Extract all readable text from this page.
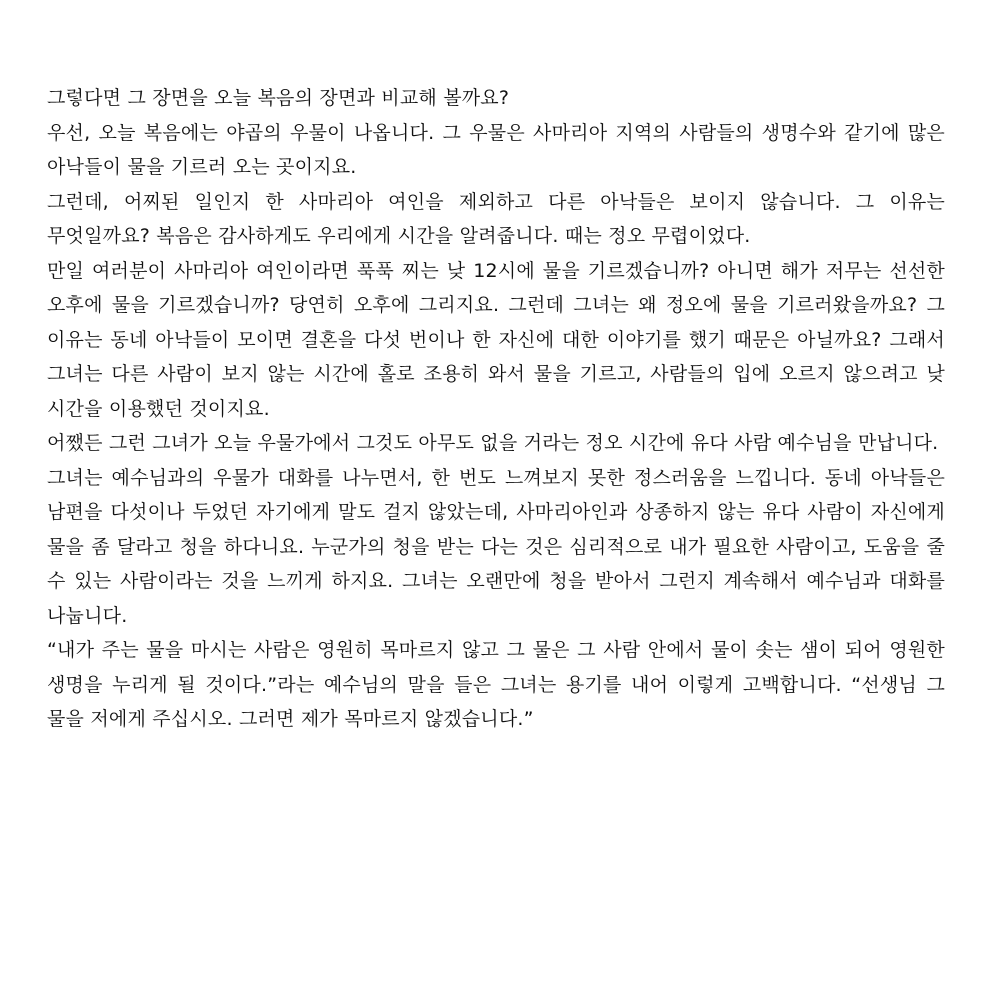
그렇다면 그 장면을 오늘 복음의 장면과 비교해 볼까요?

우선, 오늘 복음에는 야곱의 우물이 나옵니다. 그 우물은 사마리아 지역의 사람들의 생명수와 같기에 많은 아낙들이 물을 기르러 오는 곳이지요.

그런데, 어찌된 일인지 한 사마리아 여인을 제외하고 다른 아낙들은 보이지 않습니다. 그 이유는 무엇일까요? 복음은 감사하게도 우리에게 시간을 알려줍니다. 때는 정오 무렵이었다.

만일 여러분이 사마리아 여인이라면 푹푹 찌는 낮 12시에 물을 기르겠습니까? 아니면 해가 저무는 선선한 오후에 물을 기르겠습니까? 당연히 오후에 그리지요. 그런데 그녀는 왜 정오에 물을 기르러왔을까요? 그 이유는 동네 아낙들이 모이면 결혼을 다섯 번이나 한 자신에 대한 이야기를 했기 때문은 아닐까요? 그래서 그녀는 다른 사람이 보지 않는 시간에 홀로 조용히 와서 물을 기르고, 사람들의 입에 오르지 않으려고 낮 시간을 이용했던 것이지요.

어쨌든 그런 그녀가 오늘 우물가에서 그것도 아무도 없을 거라는 정오 시간에 유다 사람 예수님을 만납니다.

그녀는 예수님과의 우물가 대화를 나누면서, 한 번도 느껴보지 못한 정스러움을 느낍니다. 동네 아낙들은 남편을 다섯이나 두었던 자기에게 말도 걸지 않았는데, 사마리아인과 상종하지 않는 유다 사람이 자신에게 물을 좀 달라고 청을 하다니요. 누군가의 청을 받는 다는 것은 심리적으로 내가 필요한 사람이고, 도움을 줄 수 있는 사람이라는 것을 느끼게 하지요. 그녀는 오랜만에 청을 받아서 그런지 계속해서 예수님과 대화를 나눕니다.

“내가 주는 물을 마시는 사람은 영원히 목마르지 않고 그 물은 그 사람 안에서 물이 솟는 샘이 되어 영원한 생명을 누리게 될 것이다.”라는 예수님의 말을 들은 그녀는 용기를 내어 이렇게 고백합니다. “선생님 그 물을 저에게 주십시오. 그러면 제가 목마르지 않겠습니다.”
